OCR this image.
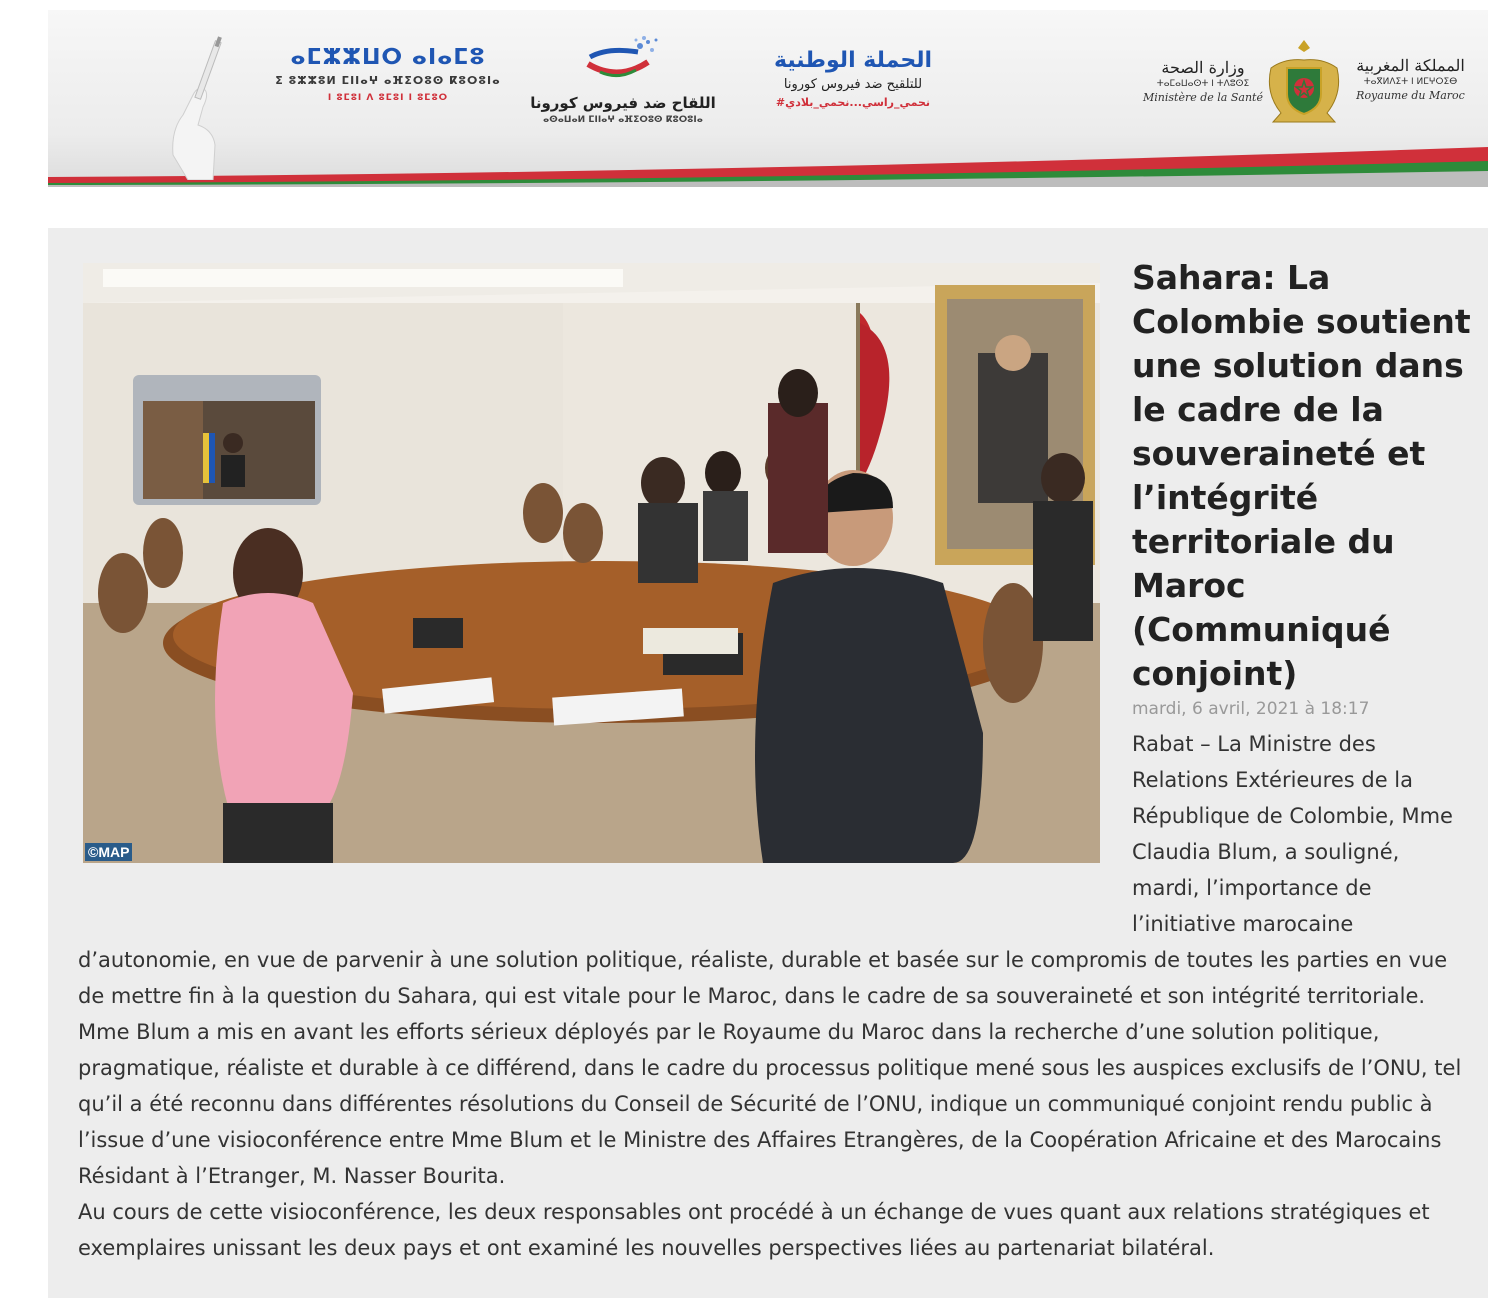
ⴰⵎⵣⵣⵡⵔ ⴰⵏⴰⵎⵓ
ⵉ ⵓⵣⵣⵓⵍ ⵎⵏⵏⴰⵖ ⴰⴼⵉⵔⵓⵙ ⴽⵓⵔⵓⵏⴰ
ⵏ ⵓⵎⵓⵏ ⴷ ⵓⵎⵓⵏ ⵏ ⵓⵎⵓⵔ	اللقاح ضد فيروس كورونا
ⴰⵙⴰⵡⴰⵍ ⵎⵏⵏⴰⵖ ⴰⴼⵉⵔⵓⵙ ⴽⵓⵔⵓⵏⴰ
الحملة الوطنية
للتلقيح ضد فيروس كورونا
#نحمي_راسي...نحمي_بلادي
وزارة الصحة
ⵜⴰⵎⴰⵡⴰⵙⵜ ⵏ ⵜⴷⵓⵙⵉ
Ministère de la Santé
المملكة المغربية
ⵜⴰⴳⵍⴷⵉⵜ ⵏ ⵍⵎⵖⵔⵉⴱ
Royaume du Maroc
©MAP
Sahara: La Colombie soutient une solution dans le cadre de la souveraineté et l’intégrité territoriale du Maroc (Communiqué conjoint)
mardi, 6 avril, 2021 à 18:17

Rabat – La Ministre des Relations Extérieures de la République de Colombie, Mme Claudia Blum, a souligné, mardi, l’importance de l’initiative marocaine

d’autonomie, en vue de parvenir à une solution politique, réaliste, durable et basée sur le compromis de toutes les parties en vue de mettre fin à la question du Sahara, qui est vitale pour le Maroc, dans le cadre de sa souveraineté et son intégrité territoriale.

Mme Blum a mis en avant les efforts sérieux déployés par le Royaume du Maroc dans la recherche d’une solution politique, pragmatique, réaliste et durable à ce différend, dans le cadre du processus politique mené sous les auspices exclusifs de l’ONU, tel qu’il a été reconnu dans différentes résolutions du Conseil de Sécurité de l’ONU, indique un communiqué conjoint rendu public à l’issue d’une visioconférence entre Mme Blum et le Ministre des Affaires Etrangères, de la Coopération Africaine et des Marocains Résidant à l’Etranger, M. Nasser Bourita.

Au cours de cette visioconférence, les deux responsables ont procédé à un échange de vues quant aux relations stratégiques et exemplaires unissant les deux pays et ont examiné les nouvelles perspectives liées au partenariat bilatéral.
